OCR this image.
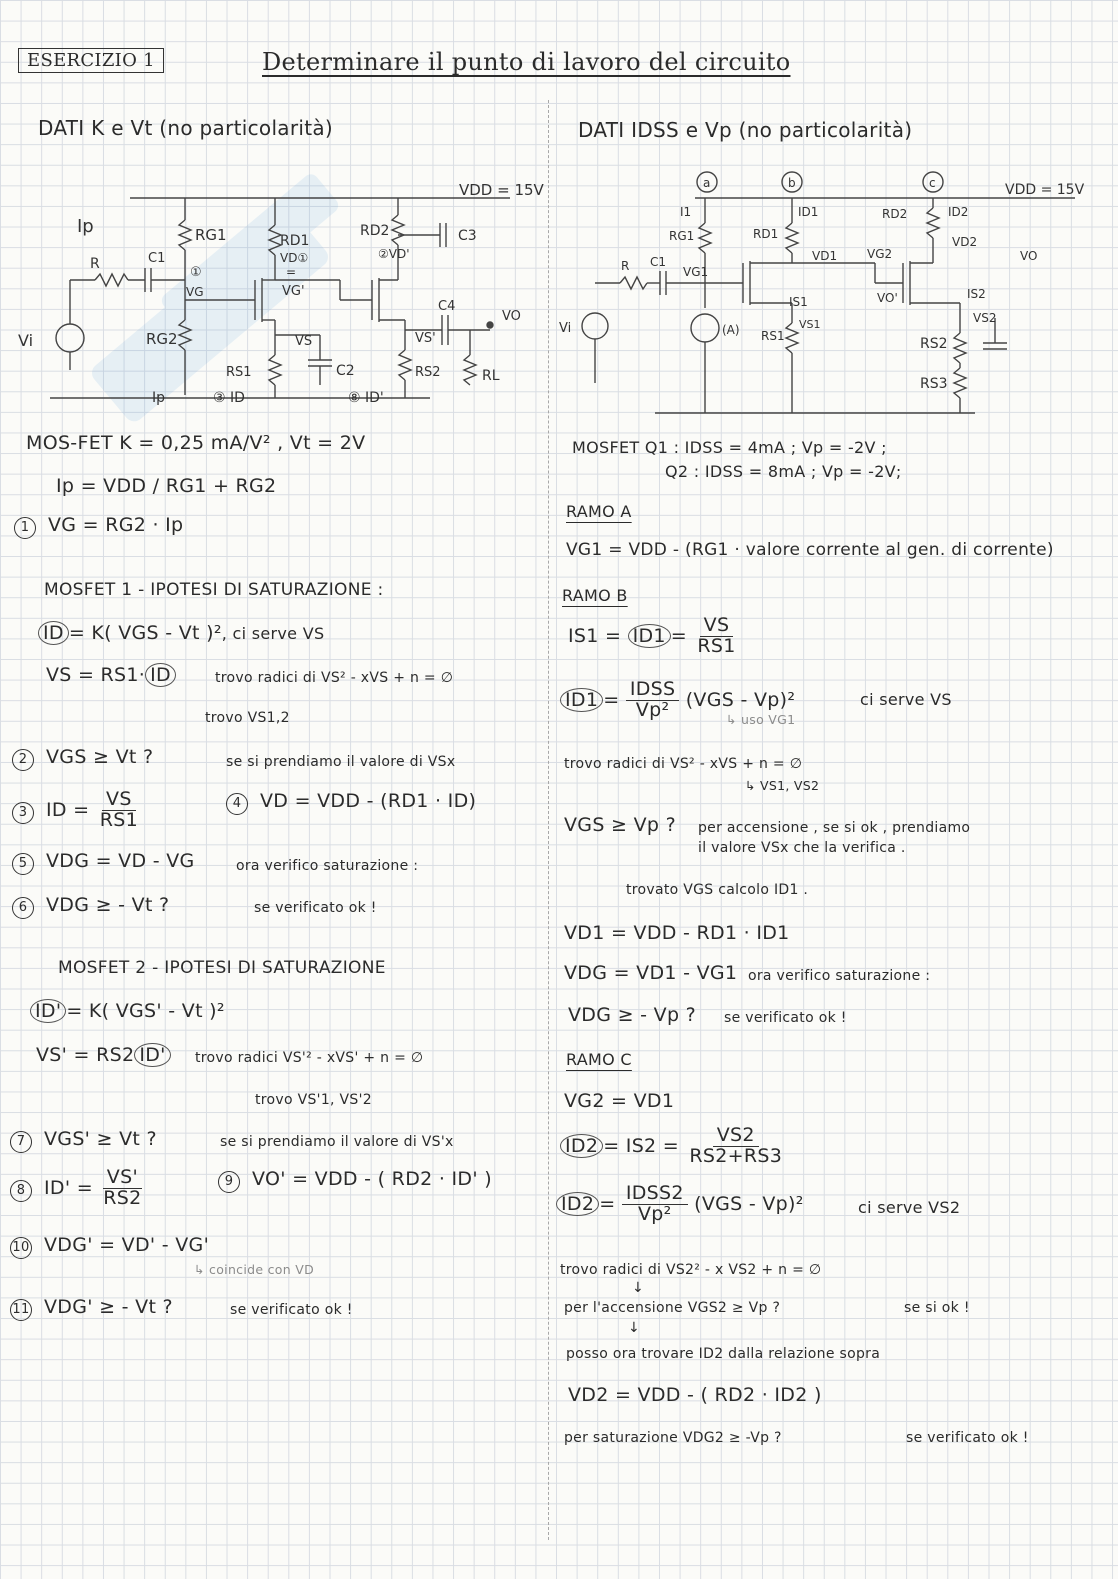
ESERCIZIO 1	Determinare il punto di lavoro del circuito
DATI K e Vt (no particolarità)
VDD = 15V
Ip
R	C1
RG1
RG2
RD1
RD2	C3
C2
C4
Vi
VG	VG'
VD①	②VD'
VS	VS'
VO
RS1	RS2	RL
Ip	③ ID	⑧ ID'
①	=
MOS-FET K = 0,25 mA/V² , Vt = 2V
Ip = VDD / RG1 + RG2
1 VG = RG2 · Ip
MOSFET 1 - IPOTESI DI SATURAZIONE :
ID = K( VGS - Vt )², ci serve VS
VS = RS1· ID	trovo radici di VS² - xVS + n = ∅
trovo VS1,2
2 VGS ≥ Vt ?	se si prendiamo il valore di VSx
3 ID = $\frac{VS}{RS1}$	4 VD = VDD - (RD1 · ID)
5 VDG = VD - VG	ora verifico saturazione :
6 VDG ≥ - Vt ?	se verificato ok !
MOSFET 2 - IPOTESI DI SATURAZIONE
ID' = K( VGS' - Vt )²
VS' = RS2 ID'	trovo radici VS'² - xVS' + n = ∅
trovo VS'1, VS'2
7 VGS' ≥ Vt ?	se si prendiamo il valore di VS'x
8 $ID' = \frac{VS'}{RS2}$	9 VO' = VDD - ( RD2 · ID' )
10 VDG' = VD' - VG'
↳ coincide con VD
11 VDG' ≥ - Vt ?	se verificato ok !
DATI IDSS e Vp (no particolarità)
a	b	c	VDD = 15V
I1	ID1
RD1
RD2	ID2
RG1
VD1
VD2
VG2	VO
R C1
VG1
Vi
IS1
VS1
(A) RS1
VO'	IS2
VS2
RS2
RS3
MOSFET Q1 : IDSS = 4mA ; Vp = -2V ;
Q2 : IDSS = 8mA ; Vp = -2V;
RAMO A
VG1 = VDD - (RG1 · valore corrente al gen. di corrente)
RAMO B
$IS1 = ID1 = \frac{VS}{RS1}$
$ID1 = \frac{\text{IDSS}}{\text{Vp²}} (VGS - Vp)^2$	ci serve VS
↳ uso VG1
trovo radici di VS² - xVS + n = ∅
↳ VS1, VS2
VGS ≥ Vp ? per accensione , se si ok , prendiamo
il valore VSx che la verifica .
trovato VGS calcolo ID1 .
VD1 = VDD - RD1 · ID1
VDG = VD1 - VG1 ora verifico saturazione :
VDG ≥ - Vp ? se verificato ok !
RAMO C
VG2 = VD1
$ID2 = IS2 = \frac{VS2}{RS2+RS3}$
$ID2 = \frac{\text{IDSS2}}{\text{Vp²}} (VGS - Vp)^2$	ci serve VS2
trovo radici di VS2² - x VS2 + n = ∅
↓
per l'accensione VGS2 ≥ Vp ?	se si ok !
↓
posso ora trovare ID2 dalla relazione sopra
VD2 = VDD - ( RD2 · ID2 )
per saturazione VDG2 ≥ -Vp ?	se verificato ok !
